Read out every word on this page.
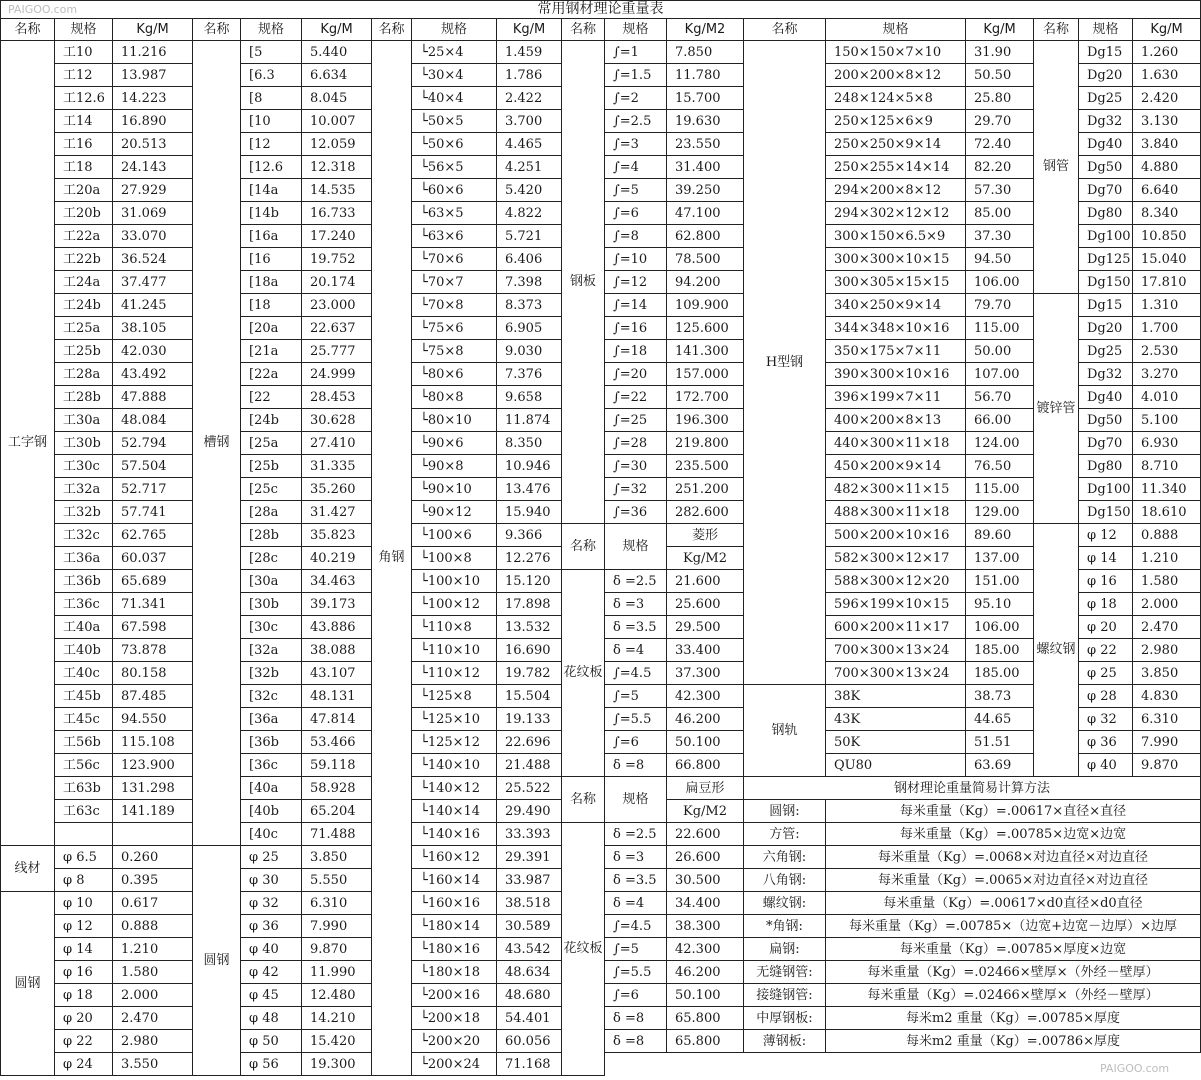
常用钢材理论重量表
名称	规格	Kg/M	名称	规格	Kg/M	名称	规格	Kg/M	名称	规格	Kg/M2	名称	规格	Kg/M	名称	规格	Kg/M
工字钢
工10	11.216
工12	13.987
工12.6	14.223
工14	16.890
工16	20.513
工18	24.143
工20a	27.929
工20b	31.069
工22a	33.070
工22b	36.524
工24a	37.477
工24b	41.245
工25a	38.105
工25b	42.030
工28a	43.492
工28b	47.888
工30a	48.084
工30b	52.794
工30c	57.504
工32a	52.717
工32b	57.741
工32c	62.765
工36a	60.037
工36b	65.689
工36c	71.341
工40a	67.598
工40b	73.878
工40c	80.158
工45b	87.485
工45c	94.550
工56b	115.108
工56c	123.900
工63b	131.298
工63c	141.189
线材
φ 6.5	0.260
φ 8	0.395
圆钢
φ 10	0.617
φ 12	0.888
φ 14	1.210
φ 16	1.580
φ 18	2.000
φ 20	2.470
φ 22	2.980
φ 24	3.550
槽钢
[5	5.440
[6.3	6.634
[8	8.045
[10	10.007
[12	12.059
[12.6	12.318
[14a	14.535
[14b	16.733
[16a	17.240
[16	19.752
[18a	20.174
[18	23.000
[20a	22.637
[21a	25.777
[22a	24.999
[22	28.453
[24b	30.628
[25a	27.410
[25b	31.335
[25c	35.260
[28a	31.427
[28b	35.823
[28c	40.219
[30a	34.463
[30b	39.173
[30c	43.886
[32a	38.088
[32b	43.107
[32c	48.131
[36a	47.814
[36b	53.466
[36c	59.118
[40a	58.928
[40b	65.204
[40c	71.488
圆钢
φ 25	3.850
φ 30	5.550
φ 32	6.310
φ 36	7.990
φ 40	9.870
φ 42	11.990
φ 45	12.480
φ 48	14.210
φ 50	15.420
φ 56	19.300
角钢
└25×4	1.459
└30×4	1.786
└40×4	2.422
└50×5	3.700
└50×6	4.465
└56×5	4.251
└60×6	5.420
└63×5	4.822
└63×6	5.721
└70×6	6.406
└70×7	7.398
└70×8	8.373
└75×6	6.905
└75×8	9.030
└80×6	7.376
└80×8	9.658
└80×10	11.874
└90×6	8.350
└90×8	10.946
└90×10	13.476
└90×12	15.940
└100×6	9.366
└100×8	12.276
└100×10	15.120
└100×12	17.898
└110×8	13.532
└110×10	16.690
└110×12	19.782
└125×8	15.504
└125×10	19.133
└125×12	22.696
└140×10	21.488
└140×12	25.522
└140×14	29.490
└140×16	33.393
└160×12	29.391
└160×14	33.987
└160×16	38.518
└180×14	30.589
└180×16	43.542
└180×18	48.634
└200×16	48.680
└200×18	54.401
└200×20	60.056
└200×24	71.168
钢板
∫=1	7.850
∫=1.5	11.780
∫=2	15.700
∫=2.5	19.630
∫=3	23.550
∫=4	31.400
∫=5	39.250
∫=6	47.100
∫=8	62.800
∫=10	78.500
∫=12	94.200
∫=14	109.900
∫=16	125.600
∫=18	141.300
∫=20	157.000
∫=22	172.700
∫=25	196.300
∫=28	219.800
∫=30	235.500
∫=32	251.200
∫=36	282.600
名称	规格
菱形
Kg/M2
花纹板
δ =2.5	21.600
δ =3	25.600
δ =3.5	29.500
δ =4	33.400
∫=4.5	37.300
∫=5	42.300
∫=5.5	46.200
∫=6	50.100
δ =8	66.800
名称	规格
扁豆形
Kg/M2
花纹板
δ =2.5	22.600
δ =3	26.600
δ =3.5	30.500
δ =4	34.400
∫=4.5	38.300
∫=5	42.300
∫=5.5	46.200
∫=6	50.100
δ =8	65.800
δ =8	65.800
H型钢
150×150×7×10	31.90
200×200×8×12	50.50
248×124×5×8	25.80
250×125×6×9	29.70
250×250×9×14	72.40
250×255×14×14	82.20
294×200×8×12	57.30
294×302×12×12	85.00
300×150×6.5×9	37.30
300×300×10×15	94.50
300×305×15×15	106.00
340×250×9×14	79.70
344×348×10×16	115.00
350×175×7×11	50.00
390×300×10×16	107.00
396×199×7×11	56.70
400×200×8×13	66.00
440×300×11×18	124.00
450×200×9×14	76.50
482×300×11×15	115.00
488×300×11×18	129.00
500×200×10×16	89.60
582×300×12×17	137.00
588×300×12×20	151.00
596×199×10×15	95.10
600×200×11×17	106.00
700×300×13×24	185.00
700×300×13×24	185.00
钢轨
38K	38.73
43K	44.65
50K	51.51
QU80	63.69
钢材理论重量简易计算方法
圆钢:	每米重量（Kg）=.00617×直径×直径
方管:	每米重量（Kg）=.00785×边宽×边宽
六角钢:	每米重量（Kg）=.0068×对边直径×对边直径
八角钢:	每米重量（Kg）=.0065×对边直径×对边直径
螺纹钢:	每米重量（Kg）=.00617×d0直径×d0直径
*角钢:	每米重量（Kg）=.00785×（边宽+边宽－边厚）×边厚
扁钢:	每米重量（Kg）=.00785×厚度×边宽
无缝钢管:	每米重量（Kg）=.02466×壁厚×（外经－壁厚）
接缝钢管:	每米重量（Kg）=.02466×壁厚×（外经－壁厚）
中厚钢板:	每米m2 重量（Kg）=.00785×厚度
薄钢板:	每米m2 重量（Kg）=.00786×厚度
钢管
Dg15	1.260
Dg20	1.630
Dg25	2.420
Dg32	3.130
Dg40	3.840
Dg50	4.880
Dg70	6.640
Dg80	8.340
Dg100 10.850
Dg125 15.040
Dg150 17.810
镀锌管
Dg15	1.310
Dg20	1.700
Dg25	2.530
Dg32	3.270
Dg40	4.010
Dg50	5.100
Dg70	6.930
Dg80	8.710
Dg100 11.340
Dg150 18.610
螺纹钢
φ 12	0.888
φ 14	1.210
φ 16	1.580
φ 18	2.000
φ 20	2.470
φ 22	2.980
φ 25	3.850
φ 28	4.830
φ 32	6.310
φ 36	7.990
φ 40	9.870
PAIGOO.com
PAIGOO.com
